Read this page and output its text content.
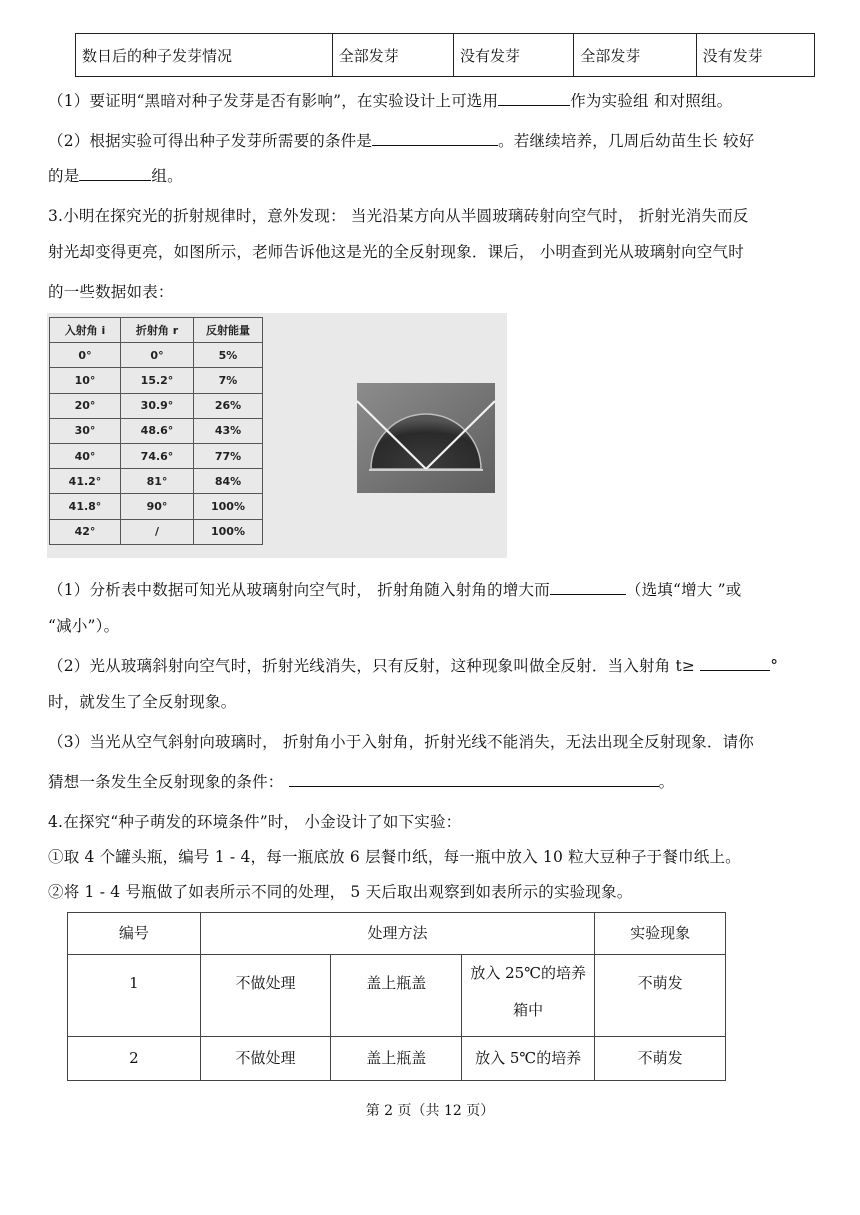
数日后的种子发芽情况	全部发芽	没有发芽	全部发芽	没有发芽
（1）要证明“黑暗对种子发芽是否有影响”，在实验设计上可选用	作为实验组 和对照组。
（2）根据实验可得出种子发芽所需要的条件是	。若继续培养，几周后幼苗生长 较好
的是	组。
3.小明在探究光的折射规律时，意外发现： 当光沿某方向从半圆玻璃砖射向空气时， 折射光消失而反
射光却变得更亮，如图所示，老师告诉他这是光的全反射现象．课后， 小明查到光从玻璃射向空气时
的一些数据如表：
入射角 i	折射角 r	反射能量
0°	0°	5%
10°	15.2°	7%
20°	30.9°	26%
30°	48.6°	43%
40°	74.6°	77%
41.2°	81°	84%
41.8°	90°	100%
42°	/	100%
（1）分析表中数据可知光从玻璃射向空气时， 折射角随入射角的增大而	（选填“增大 ”或
“减小”）。
（2）光从玻璃斜射向空气时，折射光线消失，只有反射，这种现象叫做全反射．当入射角 t≥	°
时，就发生了全反射现象。
（3）当光从空气斜射向玻璃时， 折射角小于入射角，折射光线不能消失，无法出现全反射现象．请你
猜想一条发生全反射现象的条件：	。
4.在探究“种子萌发的环境条件”时， 小金设计了如下实验：
①取 4 个罐头瓶，编号 1 - 4，每一瓶底放 6 层餐巾纸，每一瓶中放入 10 粒大豆种子于餐巾纸上。
②将 1 - 4 号瓶做了如表所示不同的处理， 5 天后取出观察到如表所示的实验现象。
编号	处理方法			实验现象
1	不做处理	盖上瓶盖	放入 25℃的培养箱中	不萌发
2	不做处理	盖上瓶盖	放入 5℃的培养	不萌发
第 2 页（共 12 页）
